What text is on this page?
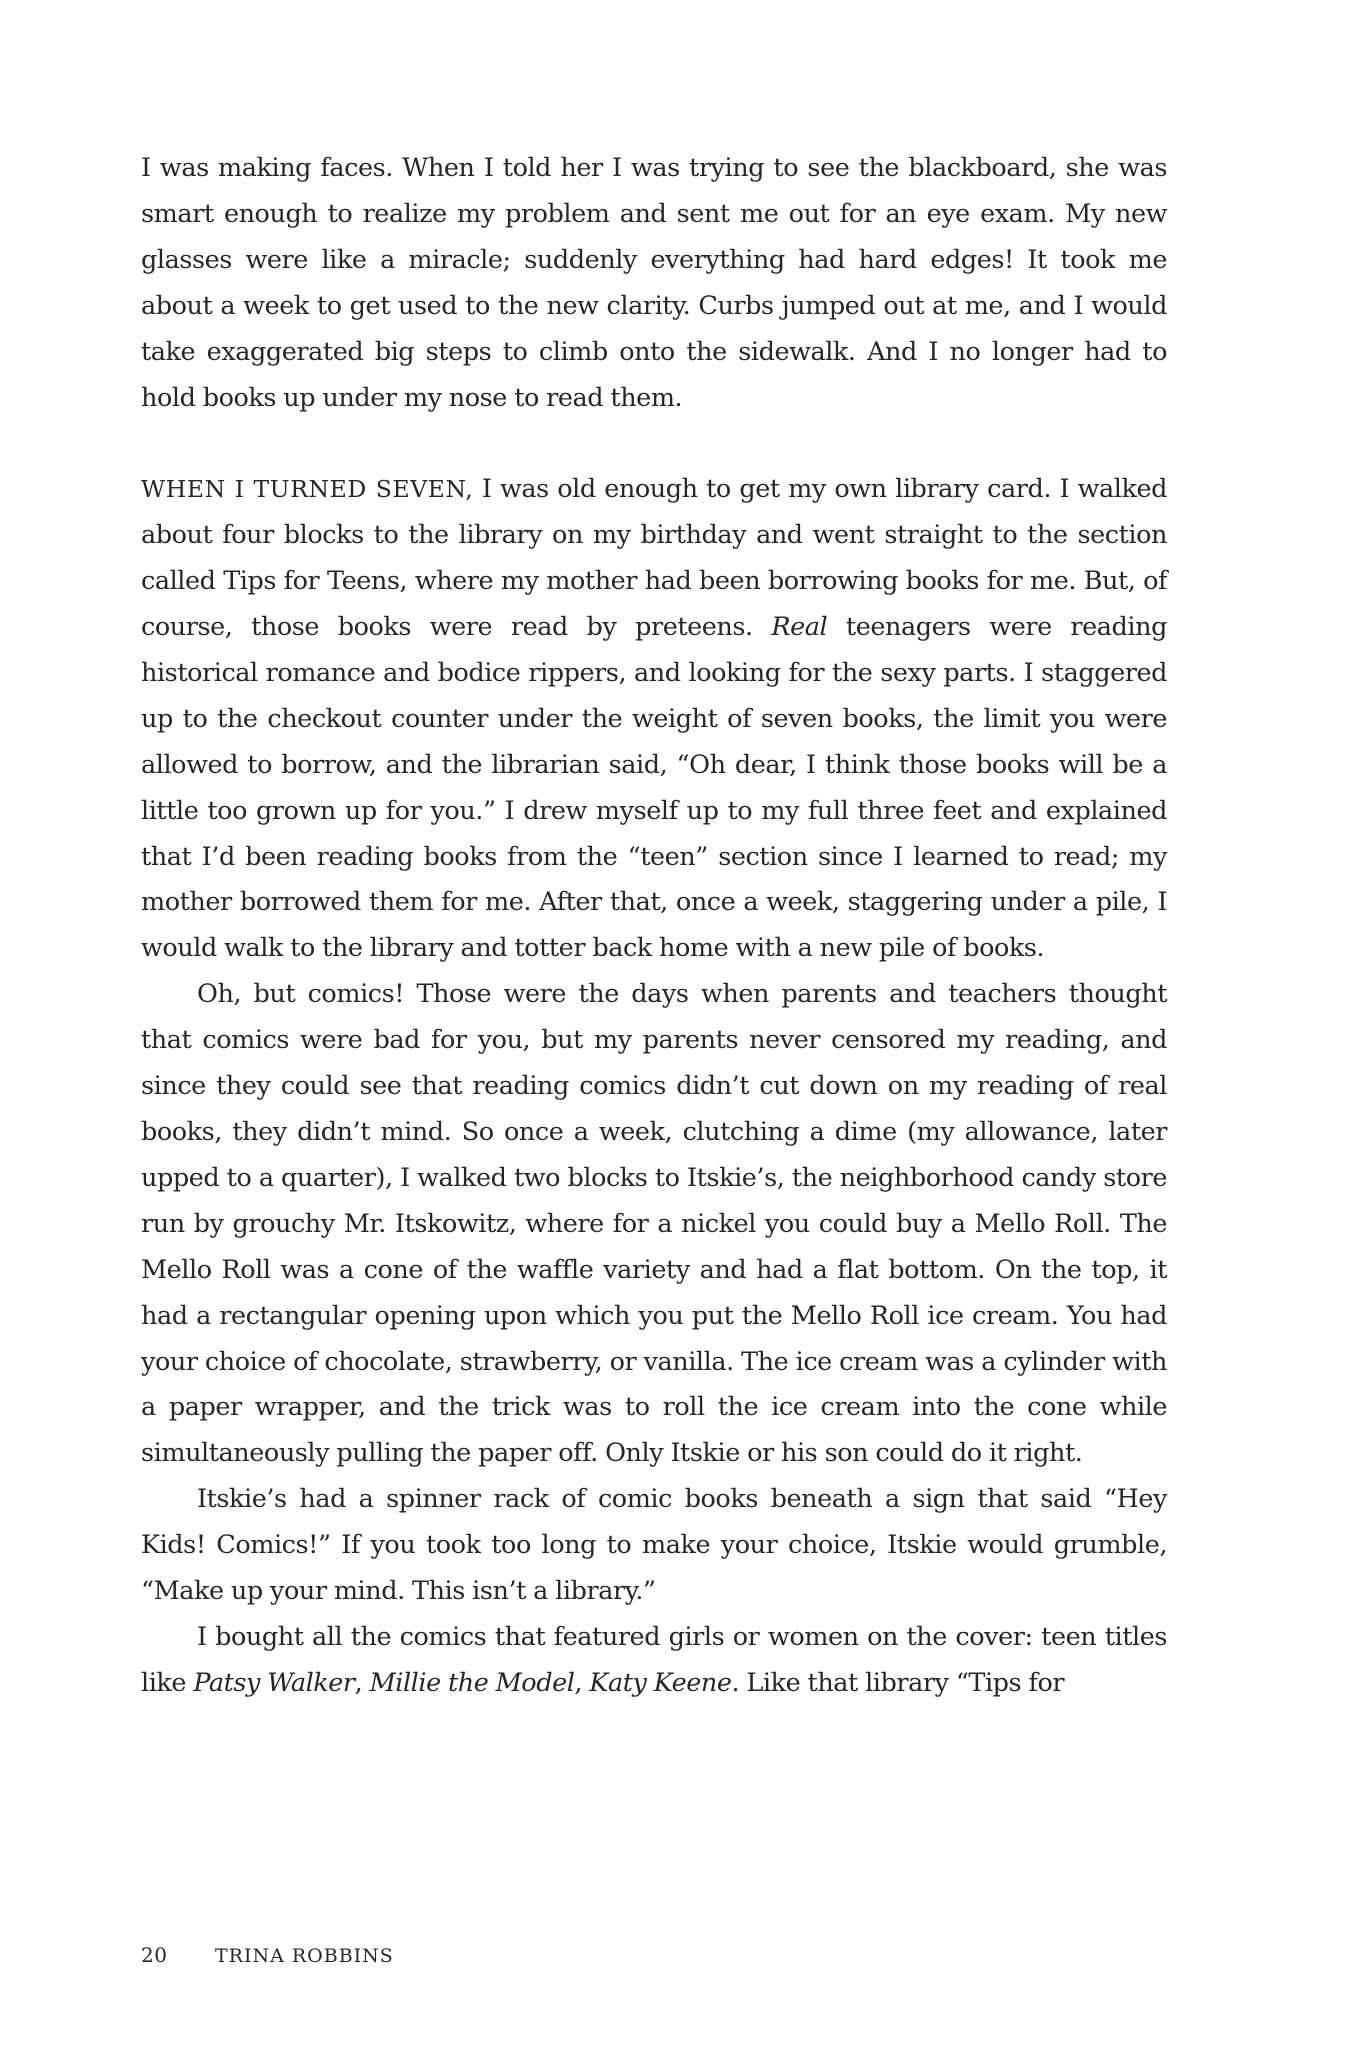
I was making faces. When I told her I was trying to see the blackboard, she was smart enough to realize my problem and sent me out for an eye exam. My new glasses were like a miracle; suddenly everything had hard edges! It took me about a week to get used to the new clarity. Curbs jumped out at me, and I would take exaggerated big steps to climb onto the sidewalk. And I no longer had to hold books up under my nose to read them.

WHEN I TURNED SEVEN, I was old enough to get my own library card. I walked about four blocks to the library on my birthday and went straight to the section called Tips for Teens, where my mother had been borrowing books for me. But, of course, those books were read by preteens. Real teenagers were reading historical romance and bodice rippers, and looking for the sexy parts. I staggered up to the checkout counter under the weight of seven books, the limit you were allowed to borrow, and the librarian said, “Oh dear, I think those books will be a little too grown up for you.” I drew myself up to my full three feet and explained that I’d been reading books from the “teen” section since I learned to read; my mother borrowed them for me. After that, once a week, staggering under a pile, I would walk to the library and totter back home with a new pile of books.

Oh, but comics! Those were the days when parents and teachers thought that comics were bad for you, but my parents never censored my reading, and since they could see that reading comics didn’t cut down on my reading of real books, they didn’t mind. So once a week, clutching a dime (my allowance, later upped to a quarter), I walked two blocks to Itskie’s, the neighborhood candy store run by grouchy Mr. Itskowitz, where for a nickel you could buy a Mello Roll. The Mello Roll was a cone of the waffle variety and had a flat bottom. On the top, it had a rectangular opening upon which you put the Mello Roll ice cream. You had your choice of chocolate, strawberry, or vanilla. The ice cream was a cylinder with a paper wrapper, and the trick was to roll the ice cream into the cone while simultaneously pulling the paper off. Only Itskie or his son could do it right.

Itskie’s had a spinner rack of comic books beneath a sign that said “Hey Kids! Comics!” If you took too long to make your choice, Itskie would grumble, “Make up your mind. This isn’t a library.”

I bought all the comics that featured girls or women on the cover: teen titles like Patsy Walker, Millie the Model, Katy Keene. Like that library “Tips for

20	TRINA ROBBINS
